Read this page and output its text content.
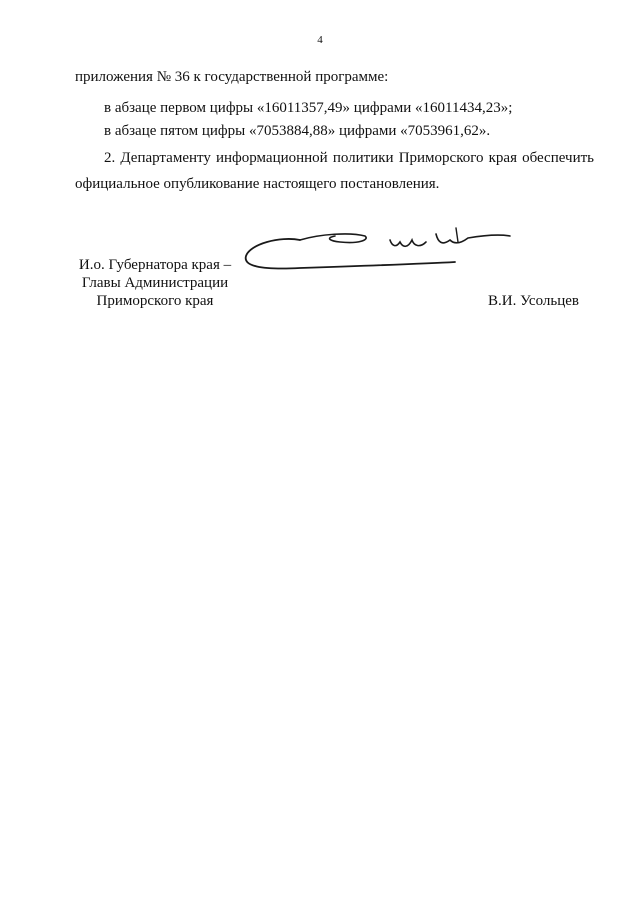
4
приложения № 36 к государственной программе:
в абзаце первом цифры «16011357,49» цифрами «16011434,23»;
в абзаце пятом цифры «7053884,88» цифрами «7053961,62».
2. Департаменту информационной политики Приморского края обеспечить
официальное опубликование настоящего постановления.
И.о. Губернатора края –
Главы Администрации
Приморского края	В.И. Усольцев
